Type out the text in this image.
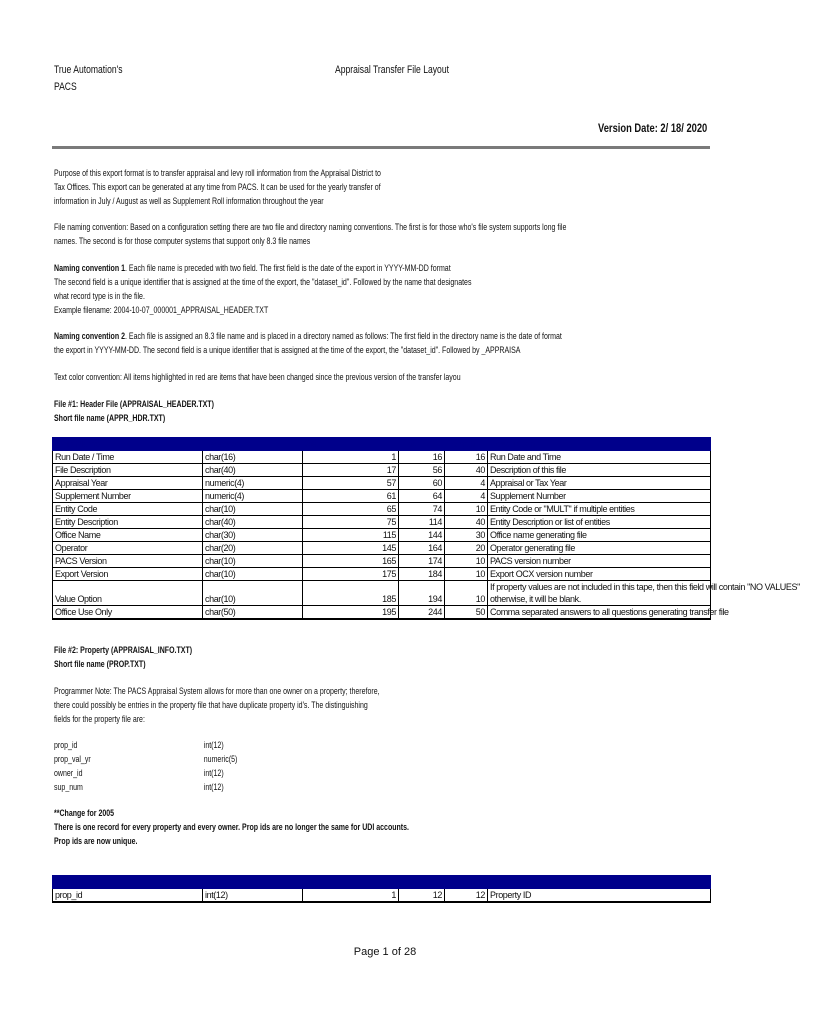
True Automation's
PACS
Appraisal Transfer File Layout
Version Date: 2/ 18/ 2020
Purpose of this export format is to transfer appraisal and levy roll information from the Appraisal District to
Tax Offices. This export can be generated at any time from PACS. It can be used for the yearly transfer of
information in July / August as well as Supplement Roll information throughout the year
File naming convention: Based on a configuration setting there are two file and directory naming conventions. The first is for those who's file system supports long file
names. The second is for those computer systems that support only 8.3 file names
Naming convention 1. Each file name is preceded with two field. The first field is the date of the export in YYYY-MM-DD format
The second field is a unique identifier that is assigned at the time of the export, the "dataset_id". Followed by the name that designates
what record type is in the file.
Example filename: 2004-10-07_000001_APPRAISAL_HEADER.TXT
Naming convention 2. Each file is assigned an 8.3 file name and is placed in a directory named as follows: The first field in the directory name is the date of format
the export in YYYY-MM-DD. The second field is a unique identifier that is assigned at the time of the export, the "dataset_id". Followed by _APPRAISA
Text color convention: All items highlighted in red are items that have been changed since the previous version of the transfer layou
File #1: Header File (APPRAISAL_HEADER.TXT)
Short file name (APPR_HDR.TXT)
Field Name	Datatype	Start	End	Length	Description
Run Date / Time	char(16)	1	16	16	Run Date and Time
File Description	char(40)	17	56	40	Description of this file
Appraisal Year	numeric(4)	57	60	4	Appraisal or Tax Year
Supplement Number	numeric(4)	61	64	4	Supplement Number
Entity Code	char(10)	65	74	10	Entity Code or "MULT" if multiple entities
Entity Description	char(40)	75	114	40	Entity Description or list of entities
Office Name	char(30)	115	144	30	Office name generating file
Operator	char(20)	145	164	20	Operator generating file
PACS Version	char(10)	165	174	10	PACS version number
Export Version	char(10)	175	184	10	Export OCX version number
Value Option	char(10)	185	194	10	If property values are not included in this tape, then this field will contain "NO VALUES"
otherwise, it will be blank.

Office Use Only	char(50)	195	244	50	Comma separated answers to all questions generating transfer file
File #2: Property (APPRAISAL_INFO.TXT)
Short file name (PROP.TXT)
Programmer Note: The PACS Appraisal System allows for more than one owner on a property; therefore,
there could possibly be entries in the property file that have duplicate property id's. The distinguishing
fields for the property file are:
prop_id	int(12)
prop_val_yr	numeric(5)
owner_id	int(12)
sup_num	int(12)
**Change for 2005
There is one record for every property and every owner. Prop ids are no longer the same for UDI accounts.
Prop ids are now unique.
Field Name	Datatype	Start	End	Length	Description
prop_id	int(12)	1	12	12	Property ID
Page 1 of 28
